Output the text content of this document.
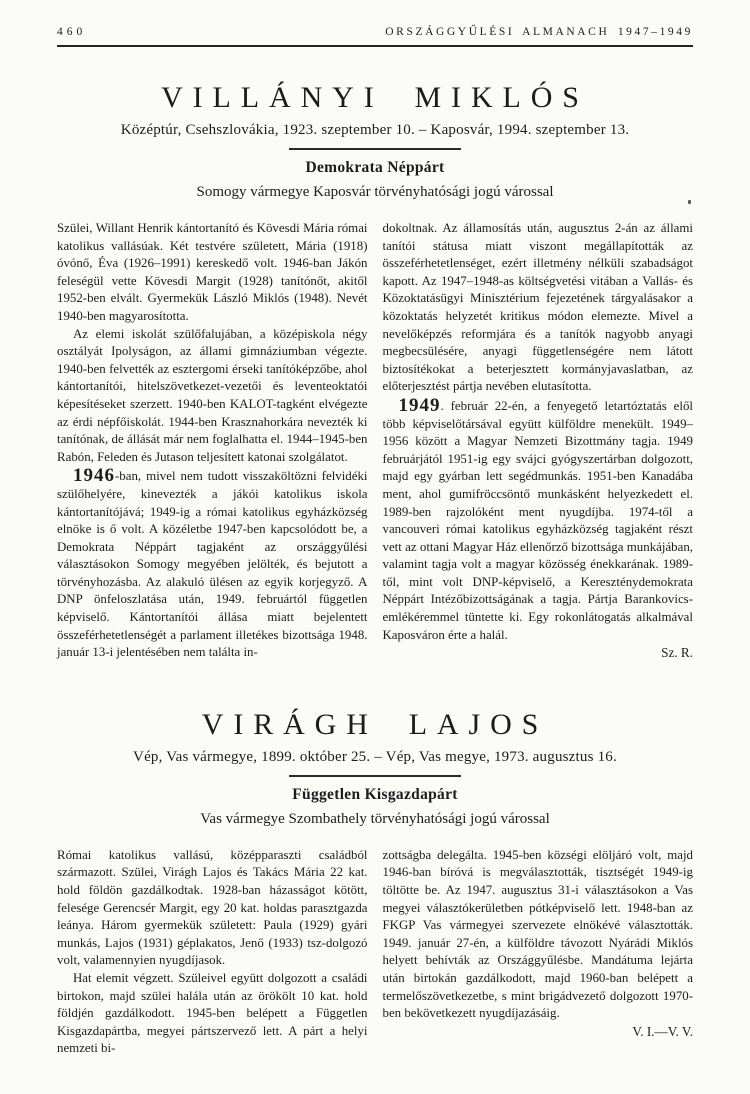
460	ORSZÁGGYŰLÉSI ALMANACH 1947–1949
VILLÁNYI MIKLÓS
Középtúr, Csehszlovákia, 1923. szeptember 10. – Kaposvár, 1994. szeptember 13.
Demokrata Néppárt
Somogy vármegye Kaposvár törvényhatósági jogú várossal

Szülei, Willant Henrik kántortanító és Kövesdi Mária római katolikus vallásúak. Két testvére született, Mária (1918) óvónő, Éva (1926–1991) kereskedő volt. 1946-ban Jákón feleségül vette Kövesdi Margit (1928) tanítónőt, akitől 1952-ben elvált. Gyermekük László Miklós (1948). Nevét 1940-ben magyarosította.

Az elemi iskolát szülőfalujában, a középiskola négy osztályát Ipolyságon, az állami gimnáziumban végezte. 1940-ben felvették az esztergomi érseki tanítóképzőbe, ahol kántortanítói, hitelszövetkezet-vezetői és leventeoktatói képesítéseket szerzett. 1940-ben KALOT-tagként elvégezte az érdi népfőiskolát. 1944-ben Krasznahorkára nevezték ki tanítónak, de állását már nem foglalhatta el. 1944–1945-ben Rabón, Feleden és Jutason teljesített katonai szolgálatot.

1946-ban, mivel nem tudott visszaköltözni felvidéki szülőhelyére, kinevezték a jákói katolikus iskola kántortanítójává; 1949-ig a római katolikus egyházközség elnöke is ő volt. A közéletbe 1947-ben kapcsolódott be, a Demokrata Néppárt tagjaként az országgyűlési választásokon Somogy megyében jelölték, és bejutott a törvényhozásba. Az alakuló ülésen az egyik korjegyző. A DNP önfeloszlatása után, 1949. februártól független képviselő. Kántortanítói állása miatt bejelentett összeférhetetlenségét a parlament illetékes bizottsága 1948. január 13-i jelentésében nem találta in-

dokoltnak. Az államosítás után, augusztus 2-án az állami tanítói státusa miatt viszont megállapították az összeférhetetlenséget, ezért illetmény nélküli szabadságot kapott. Az 1947–1948-as költségvetési vitában a Vallás- és Közoktatásügyi Minisztérium fejezetének tárgyalásakor a közoktatás helyzetét kritikus módon elemezte. Mivel a nevelőképzés reformjára és a tanítók nagyobb anyagi megbecsülésére, anyagi függetlenségére nem látott biztosítékokat a beterjesztett kormányjavaslatban, az előterjesztést pártja nevében elutasította.

1949. február 22-én, a fenyegető letartóztatás elől több képviselőtársával együtt külföldre menekült. 1949–1956 között a Magyar Nemzeti Bizottmány tagja. 1949 februárjától 1951-ig egy svájci gyógyszertárban dolgozott, majd egy gyárban lett segédmunkás. 1951-ben Kanadába ment, ahol gumifröccsöntő munkásként helyezkedett el. 1989-ben rajzolóként ment nyugdíjba. 1974-től a vancouveri római katolikus egyházközség tagjaként részt vett az ottani Magyar Ház ellenőrző bizottsága munkájában, valamint tagja volt a magyar közösség énekkarának. 1989-től, mint volt DNP-képviselő, a Kereszténydemokrata Néppárt Intézőbizottságának a tagja. Pártja Barankovics-emlékéremmel tüntette ki. Egy rokonlátogatás alkalmával Kaposváron érte a halál.

Sz. R.

VIRÁGH LAJOS
Vép, Vas vármegye, 1899. október 25. – Vép, Vas megye, 1973. augusztus 16.
Független Kisgazdapárt
Vas vármegye Szombathely törvényhatósági jogú várossal

Római katolikus vallású, középparaszti családból származott. Szülei, Virágh Lajos és Takács Mária 22 kat. hold földön gazdálkodtak. 1928-ban házasságot kötött, felesége Gerencsér Margit, egy 20 kat. holdas parasztgazda leánya. Három gyermekük született: Paula (1929) gyári munkás, Lajos (1931) géplakatos, Jenő (1933) tsz-dolgozó volt, valamennyien nyugdíjasok.

Hat elemit végzett. Szüleivel együtt dolgozott a családi birtokon, majd szülei halála után az örökölt 10 kat. hold földjén gazdálkodott. 1945-ben belépett a Független Kisgazdapártba, megyei pártszervező lett. A párt a helyi nemzeti bi-

zottságba delegálta. 1945-ben községi elöljáró volt, majd 1946-ban bíróvá is megválasztották, tisztségét 1949-ig töltötte be. Az 1947. augusztus 31-i választásokon a Vas megyei választókerületben pótképviselő lett. 1948-ban az FKGP Vas vármegyei szervezete elnökévé választották. 1949. január 27-én, a külföldre távozott Nyárádi Miklós helyett behívták az Országgyűlésbe. Mandátuma lejárta után birtokán gazdálkodott, majd 1960-ban belépett a termelőszövetkezetbe, s mint brigádvezető dolgozott 1970-ben bekövetkezett nyugdíjazásáig.

V. I.—V. V.
